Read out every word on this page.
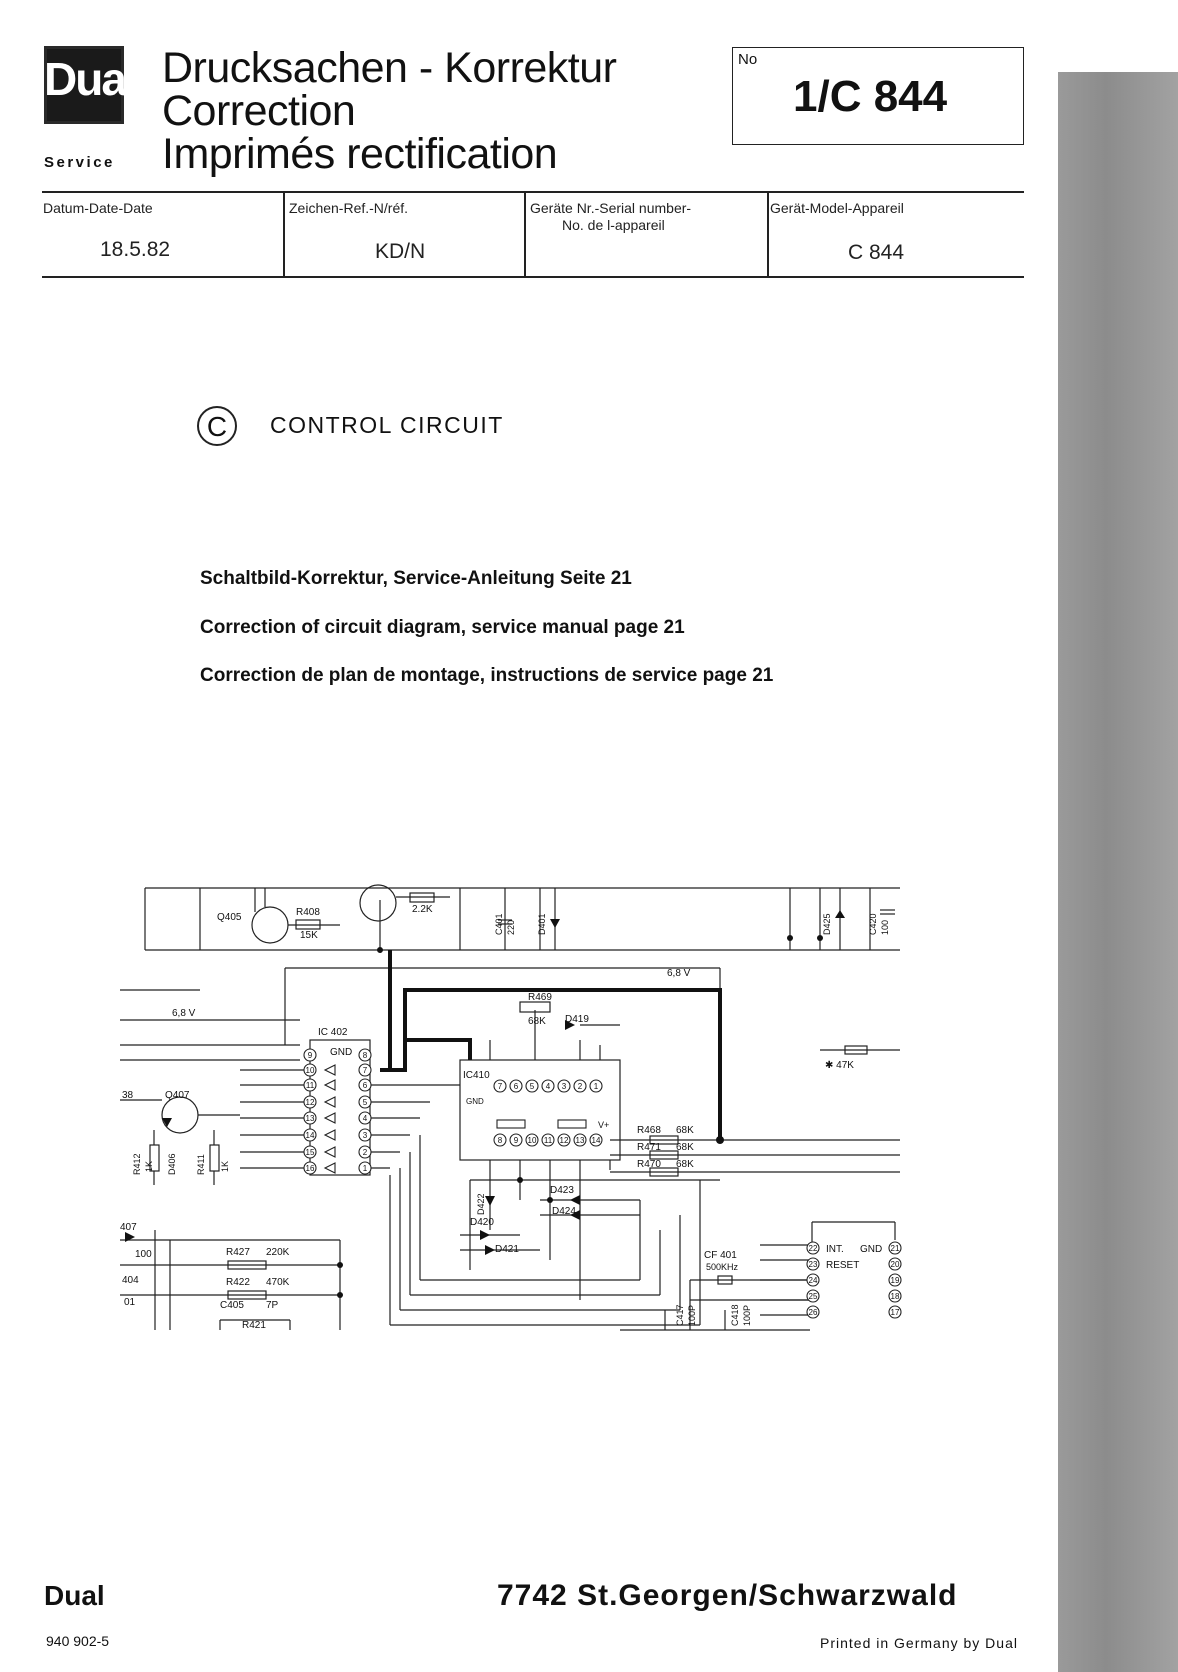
Dual
Service
Drucksachen - Korrektur
Correction
Imprimés rectification
No
1/C 844
Datum-Date-Date
18.5.82
Zeichen-Ref.-N/réf.
KD/N
Geräte Nr.-Serial number-
No. de l-appareil
Gerät-Model-Appareil
C 844
C	CONTROL CIRCUIT
Schaltbild-Korrektur, Service-Anleitung Seite 21
Correction of circuit diagram, service manual page 21
Correction de plan de montage, instructions de service page 21
9
10
11
12
13
14
15
16
8
7
6
5
4
3
2
1
7 6 5 4 3 2 1
8 9 10 11 12 13 14
22
23
24
25
26
21
20
19
18
17
Q405	R408
15K
2.2K
6,8 V
6,8 V
IC 402
GND
R469
68K D419
IC410
GND
V+
✱ 47K
Q407
38
R468 68K
R471 68K
R470 68K
D423
D424
D420
D421
R427 220K
R422 470K
C405 7P
R421
100
404
01
407
CF 401
500KHz
INT. GND
RESET
C401 220 D401	D425	C420 100
R412 1K D406 R411 1K
D422
C417 100P	C418 100P
Dual	7742 St.Georgen/Schwarzwald
940 902-5	Printed in Germany by Dual
